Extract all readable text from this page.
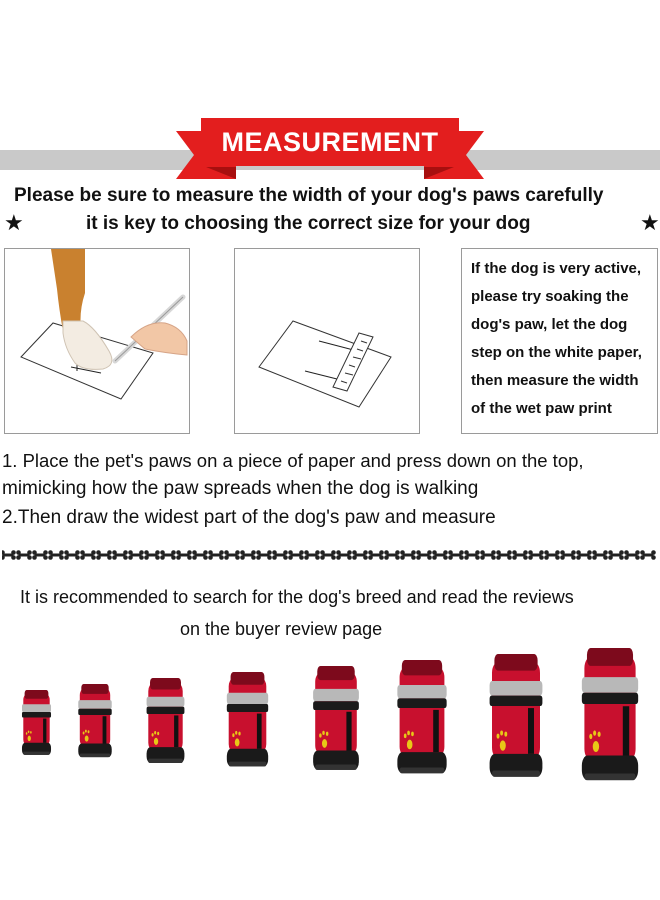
MEASUREMENT
Please be sure to measure the width of your dog's paws carefully
★	it is key to choosing the correct size for your dog	★
If the dog is very active,
please try soaking the
dog's paw, let the dog
step on the white paper,
then measure the width
of the wet paw print
1. Place the pet's paws on a piece of paper and press down on the top,
mimicking how the paw spreads when the dog is walking
2.Then draw the widest part of the dog's paw and measure
It is recommended to search for the dog's breed and read the reviews
on the buyer review page
